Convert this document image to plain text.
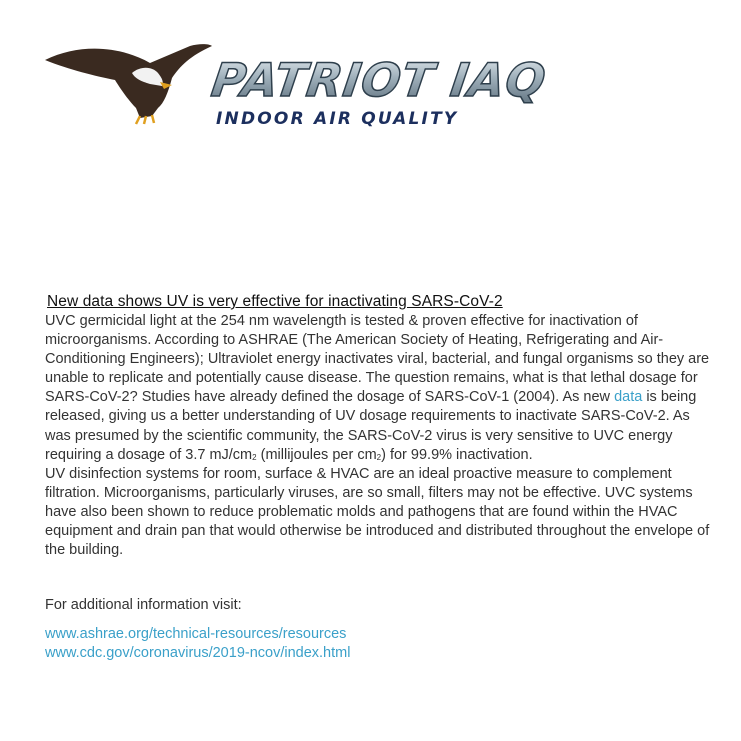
PATRIOT IAQ
INDOOR AIR QUALITY
New data shows UV is very effective for inactivating SARS-CoV-2

UVC germicidal light at the 254 nm wavelength is tested & proven effective for inactivation of microorganisms. According to ASHRAE (The American Society of Heating, Refrigerating and Air-Conditioning Engineers); Ultraviolet energy inactivates viral, bacterial, and fungal organisms so they are unable to replicate and potentially cause disease. The question remains, what is that lethal dosage for SARS-CoV-2? Studies have already defined the dosage of SARS-CoV-1 (2004). As new data is being released, giving us a better understanding of UV dosage requirements to inactivate SARS-CoV-2. As was presumed by the scientific community, the SARS-CoV-2 virus is very sensitive to UVC energy requiring a dosage of 3.7 $mJ/cm^2$ (millijoules per $cm^2$) for 99.9% inactivation.

UV disinfection systems for room, surface & HVAC are an ideal proactive measure to complement filtration. Microorganisms, particularly viruses, are so small, filters may not be effective. UVC systems have also been shown to reduce problematic molds and pathogens that are found within the HVAC equipment and drain pan that would otherwise be introduced and distributed throughout the envelope of the building.

For additional information visit:
www.ashrae.org/technical-resources/resources
www.cdc.gov/coronavirus/2019-ncov/index.html
